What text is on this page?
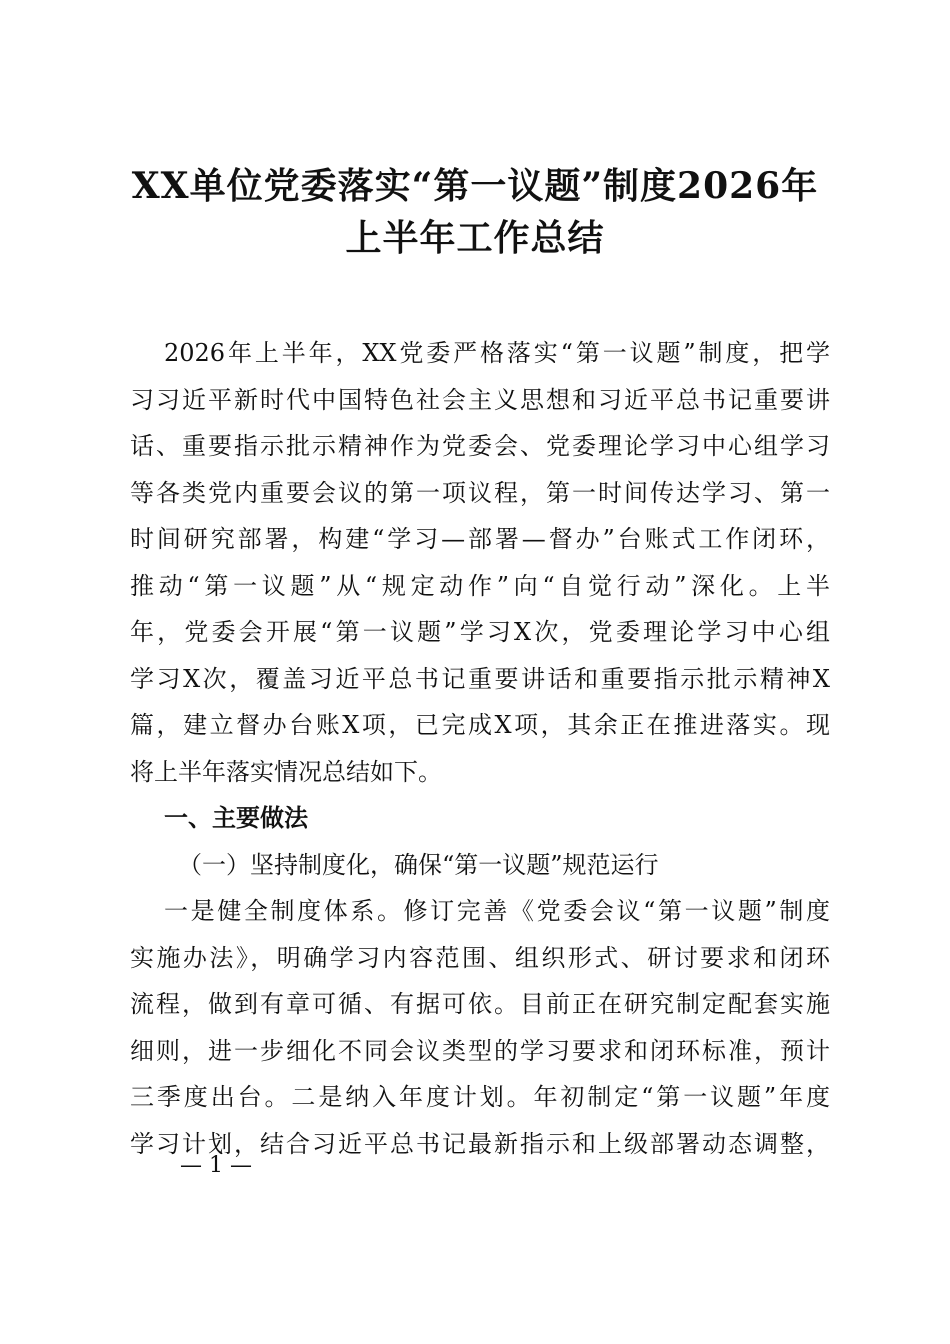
XX单位党委落实“第一议题”制度2026年
上半年工作总结
2026年上半年，XX党委严格落实“第一议题”制度，把学
习习近平新时代中国特色社会主义思想和习近平总书记重要讲
话、重要指示批示精神作为党委会、党委理论学习中心组学习
等各类党内重要会议的第一项议程，第一时间传达学习、第一
时间研究部署，构建“学习—部署—督办”台账式工作闭环，
推动“第一议题”从“规定动作”向“自觉行动”深化。上半
年，党委会开展“第一议题”学习X次，党委理论学习中心组
学习X次，覆盖习近平总书记重要讲话和重要指示批示精神X
篇，建立督办台账X项，已完成X项，其余正在推进落实。现
将上半年落实情况总结如下。
一、主要做法
（一）坚持制度化，确保“第一议题”规范运行
一是健全制度体系。修订完善《党委会议“第一议题”制度
实施办法》，明确学习内容范围、组织形式、研讨要求和闭环
流程，做到有章可循、有据可依。目前正在研究制定配套实施
细则，进一步细化不同会议类型的学习要求和闭环标准，预计
三季度出台。二是纳入年度计划。年初制定“第一议题”年度
学习计划，结合习近平总书记最新指示和上级部署动态调整，
— 1 —
